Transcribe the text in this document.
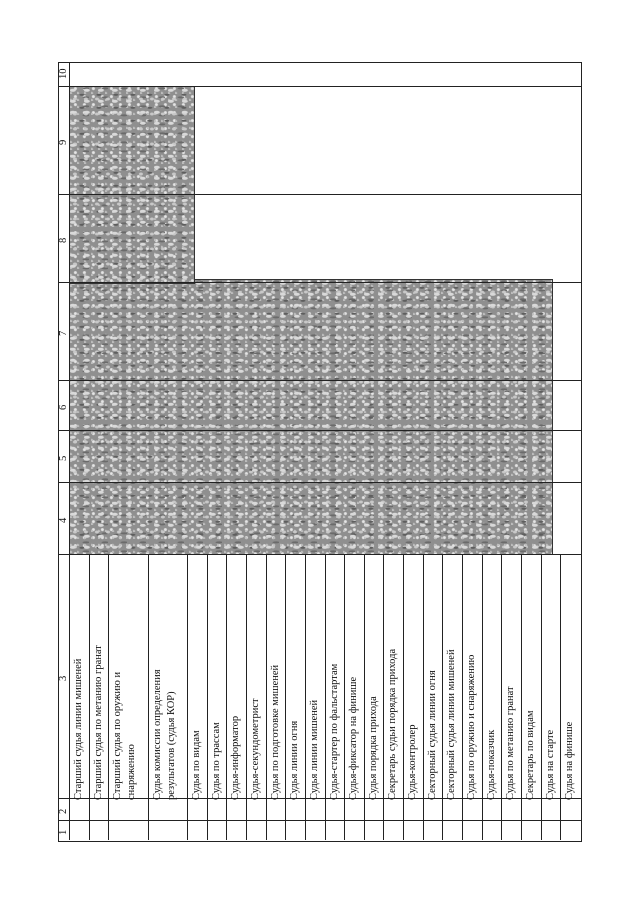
Старший судья линии мишеней Старший судья по метанию гранат Старший судья по оружию и снаряжению Судья комиссии определения результатов (судья КОР) Судья по видам Судья по трассам Судья-информатор Судья-секундометрист Судья по подготовке мишеней Судья линии огня Судья линии мишеней Судья-стартер по фальстартам Судья-фиксатор на финише Судья порядка прихода Секретарь судьи порядка прихода Судья-контролер Секторный судья линии огня Секторный судья линии мишеней Судья по оружию и снаряжению Судья-показчик Судья по метанию гранат Секретарь по видам Судья на старте Судья на финише
10
9
8
7
6
5
4
3
2
1
